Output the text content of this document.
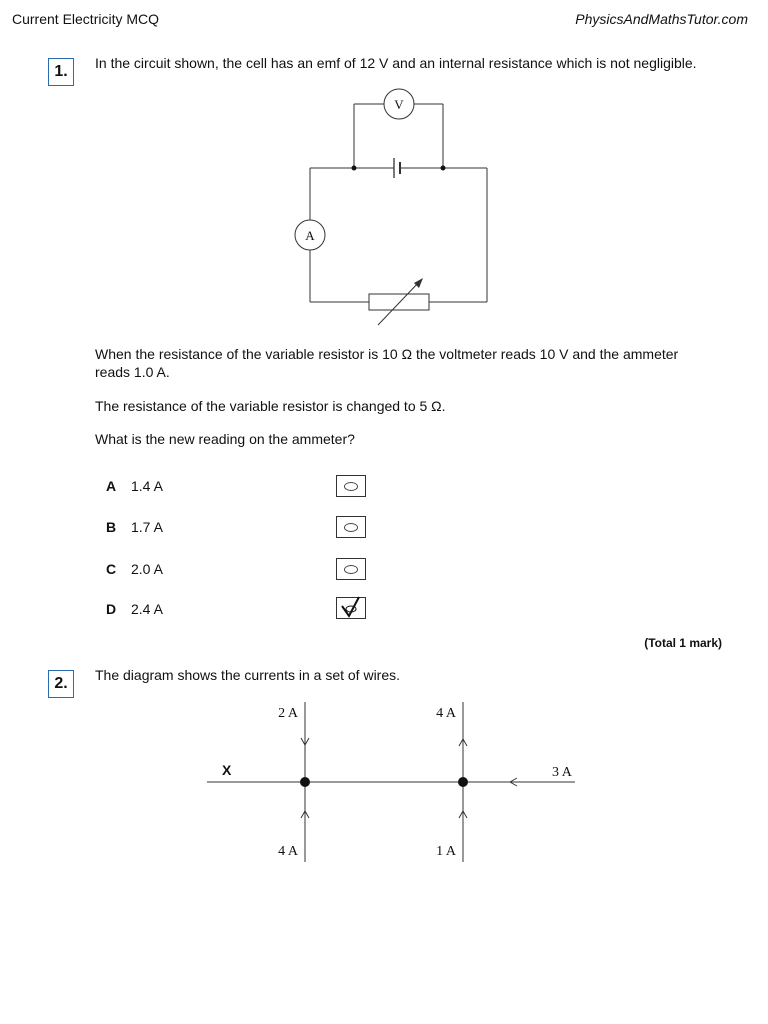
Current Electricity MCQ	PhysicsAndMathsTutor.com
1.	In the circuit shown, the cell has an emf of 12 V and an internal resistance which is not negligible.
V
A
When the resistance of the variable resistor is 10 Ω the voltmeter reads 10 V and the ammeter reads 1.0 A.
The resistance of the variable resistor is changed to 5 Ω.
What is the new reading on the ammeter?
A 1.4 A
B 1.7 A
C 2.0 A
D 2.4 A
(Total 1 mark)
2.	The diagram shows the currents in a set of wires.
X
2 A	4 A
3 A
4 A	1 A
